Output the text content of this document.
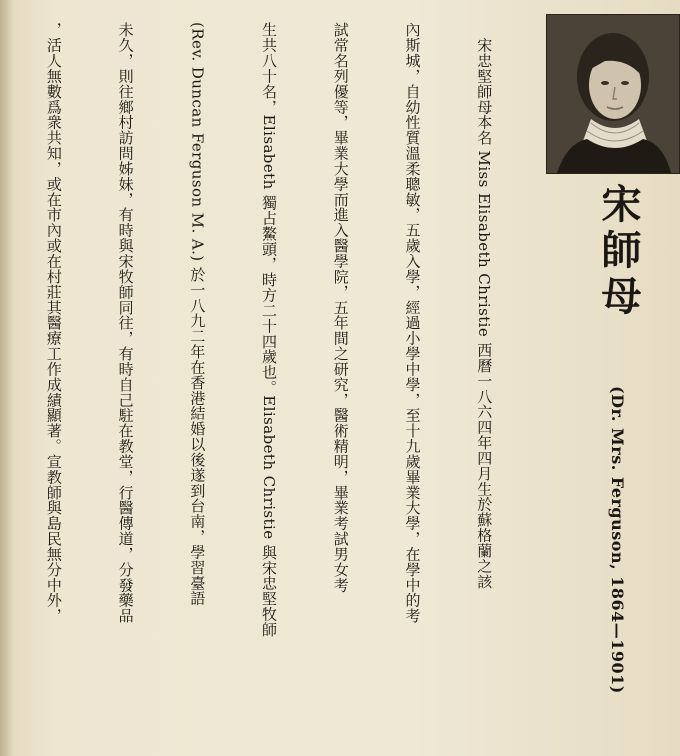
宋師母
(Dr. Mrs. Ferguson, 1864—1901)

　宋忠堅師母本名 Miss Elisabeth Christie 西曆一八六四年四月生於蘇格蘭之該

內斯城，自幼性質溫柔聰敏，五歲入學，經過小學中學，至十九歲畢業大學，在學中的考

試常名列優等，畢業大學而進入醫學院，五年間之研究，醫術精明，畢業考試男女考

生共八十名，Elisabeth 獨占鰲頭，時方二十四歲也。Elisabeth Christie 與宋忠堅牧師

(Rev. Duncan Ferguson M. A.) 於一八九二年在香港結婚以後遂到台南，學習臺語

未久，則往鄉村訪問姊妹，有時與宋牧師同往，有時自己駐在教堂，行醫傳道，分發藥品

，活人無數爲衆共知，或在市內或在村莊其醫療工作成績顯著。宣教師與島民無分中外，
